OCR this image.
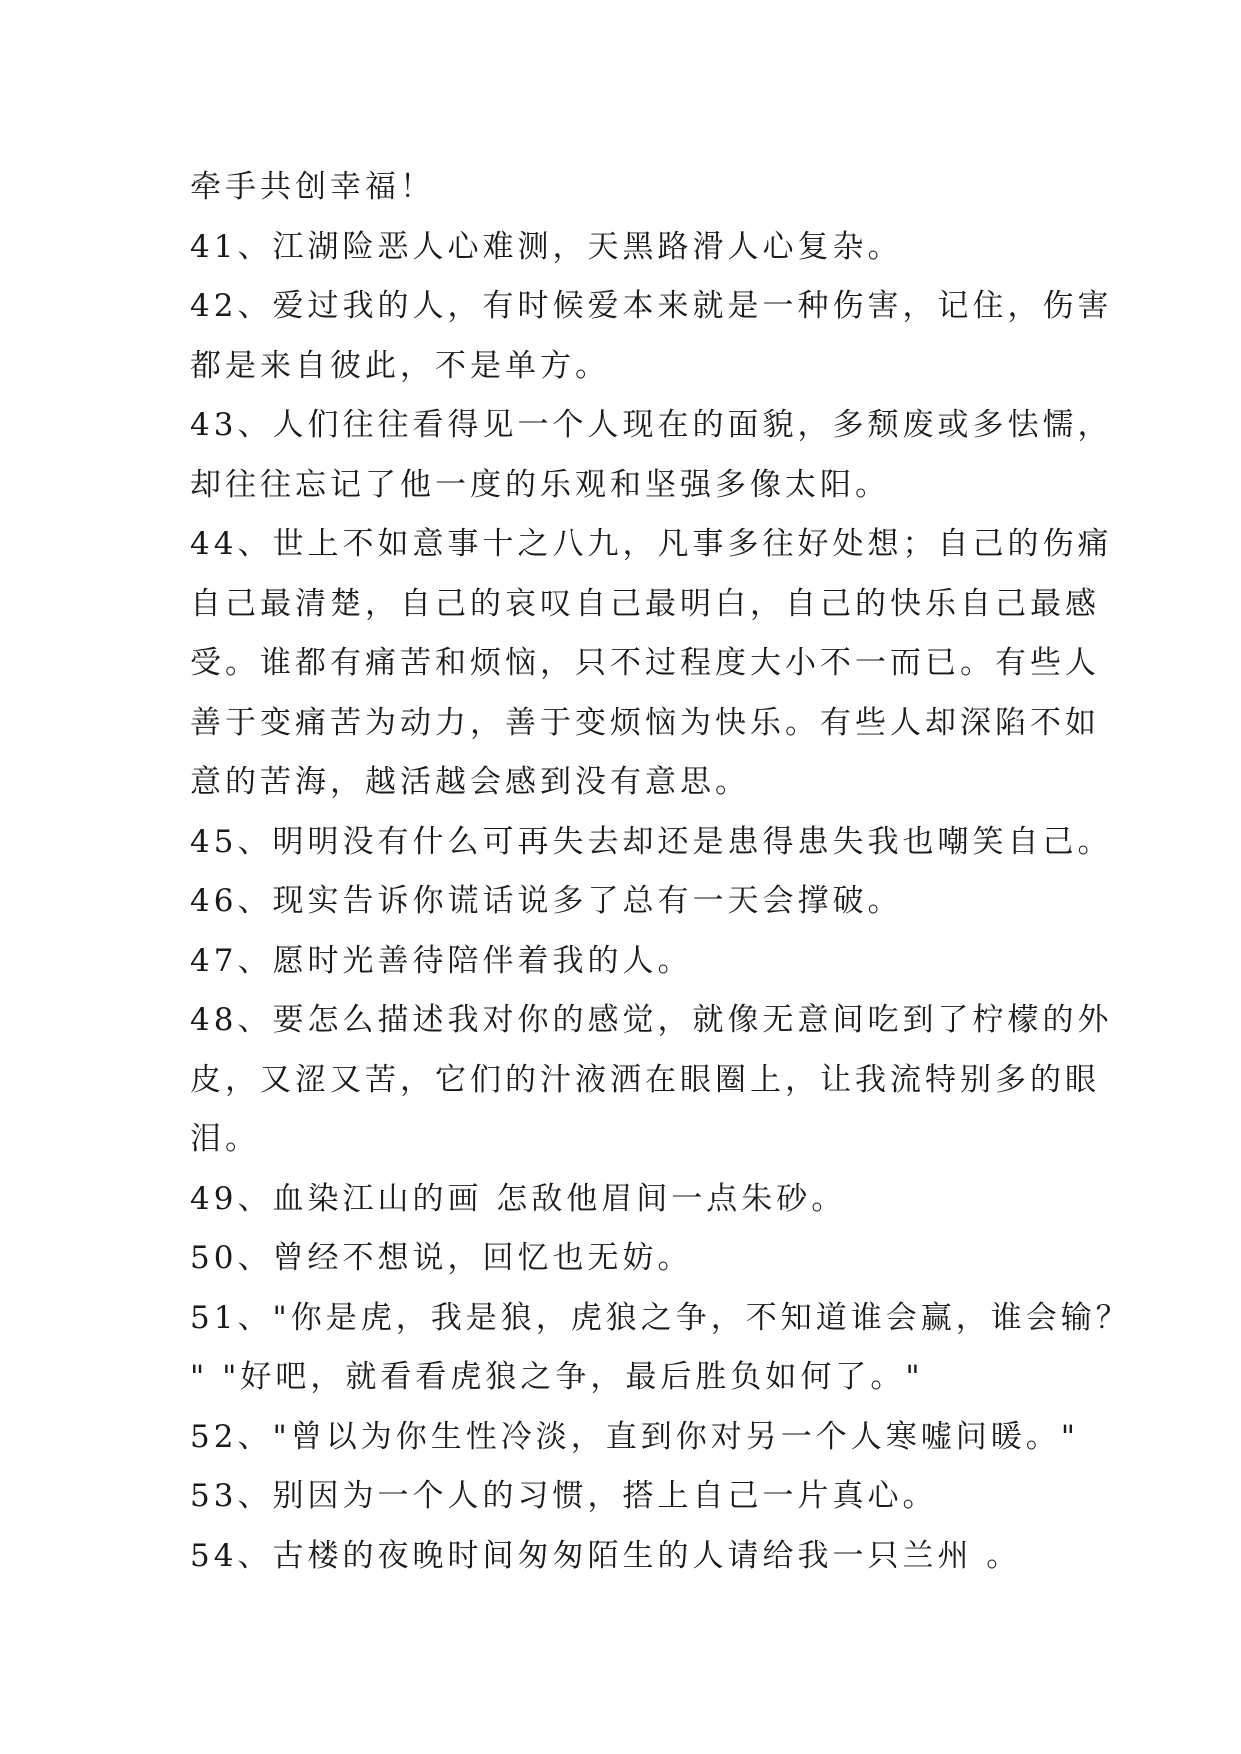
牵手共创幸福！
41、江湖险恶人心难测，天黑路滑人心复杂。
42、爱过我的人，有时候爱本来就是一种伤害，记住，伤害
都是来自彼此，不是单方。
43、人们往往看得见一个人现在的面貌，多颓废或多怯懦，
却往往忘记了他一度的乐观和坚强多像太阳。
44、世上不如意事十之八九，凡事多往好处想；自己的伤痛
自己最清楚，自己的哀叹自己最明白，自己的快乐自己最感
受。谁都有痛苦和烦恼，只不过程度大小不一而已。有些人
善于变痛苦为动力，善于变烦恼为快乐。有些人却深陷不如
意的苦海，越活越会感到没有意思。
45、明明没有什么可再失去却还是患得患失我也嘲笑自己。
46、现实告诉你谎话说多了总有一天会撑破。
47、愿时光善待陪伴着我的人。
48、要怎么描述我对你的感觉，就像无意间吃到了柠檬的外
皮，又涩又苦，它们的汁液洒在眼圈上，让我流特别多的眼
泪。
49、血染江山的画 怎敌他眉间一点朱砂。
50、曾经不想说，回忆也无妨。
51、"你是虎，我是狼，虎狼之争，不知道谁会赢，谁会输？
" "好吧，就看看虎狼之争，最后胜负如何了。"
52、"曾以为你生性冷淡，直到你对另一个人寒嘘问暖。"
53、别因为一个人的习惯，搭上自己一片真心。
54、古楼的夜晚时间匆匆陌生的人请给我一只兰州 。
